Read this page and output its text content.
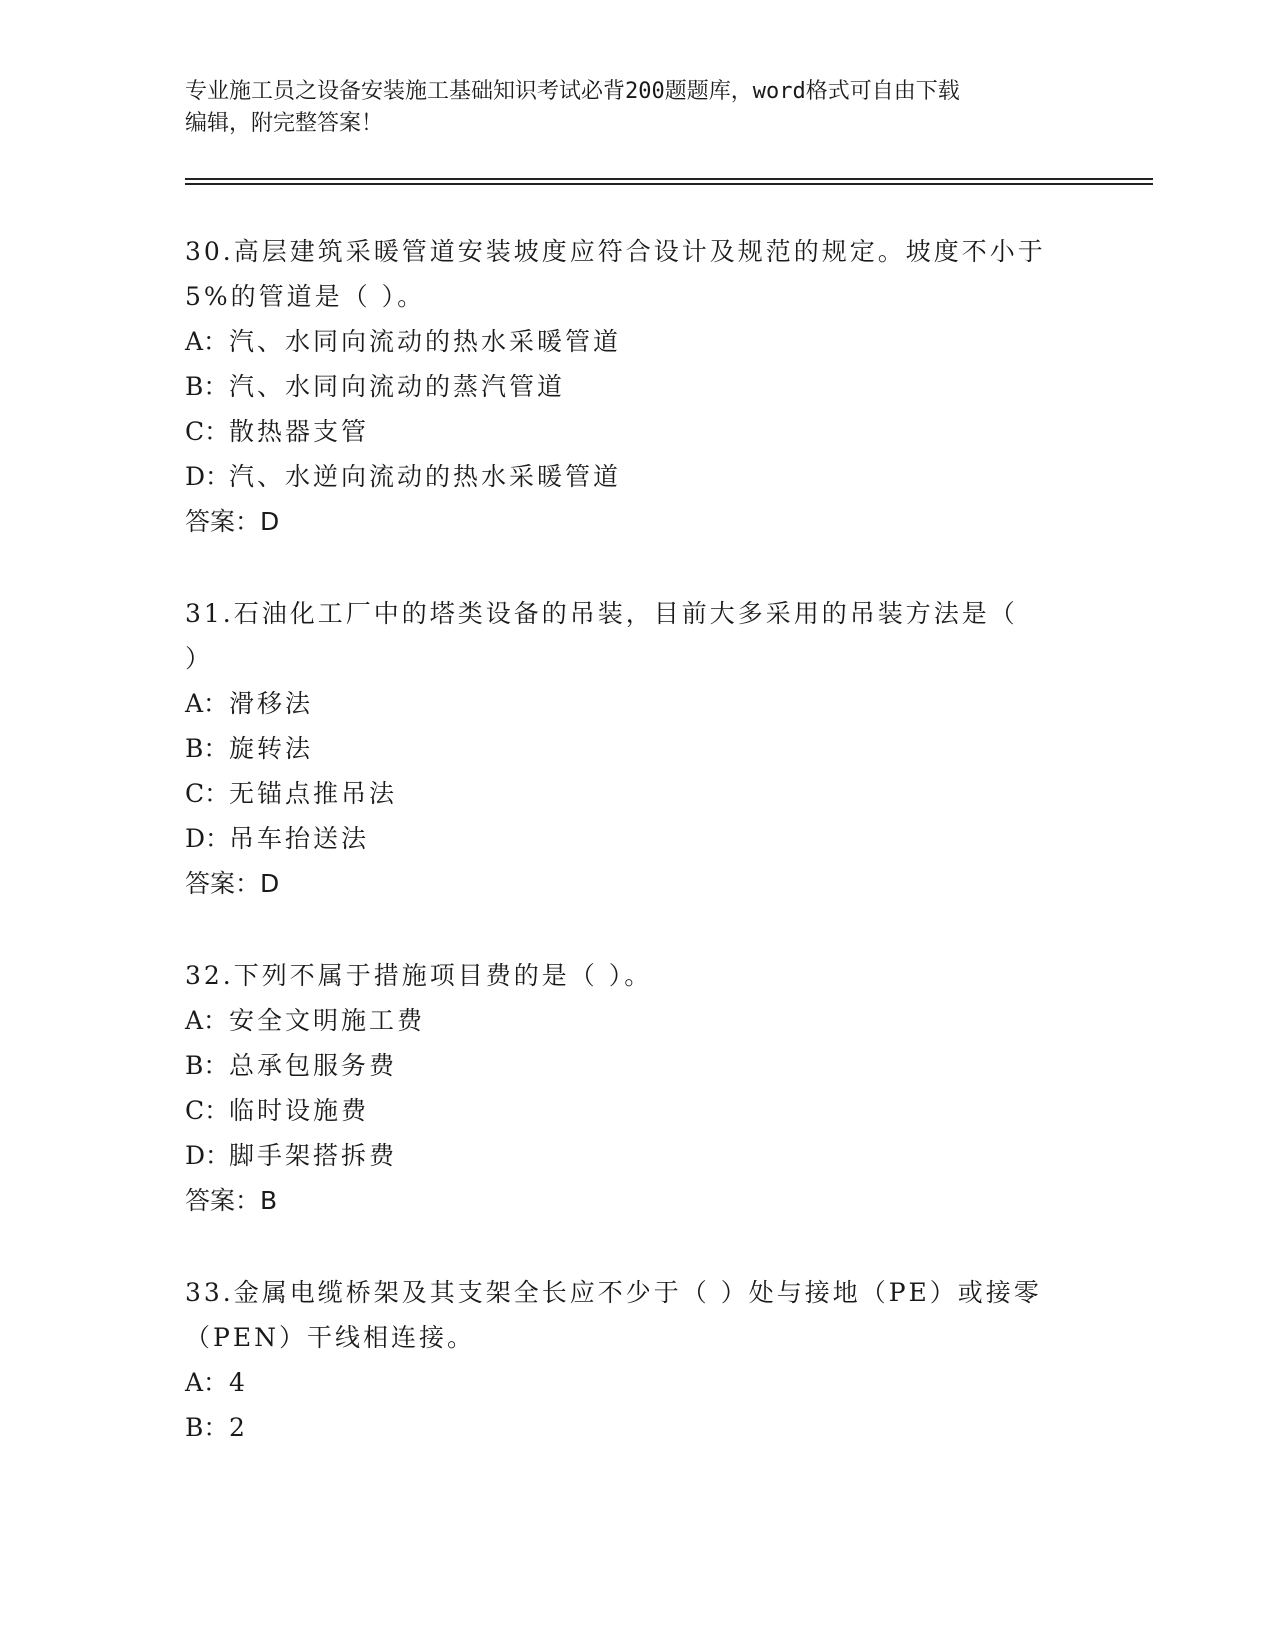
专业施工员之设备安装施工基础知识考试必背200题题库，word格式可自由下载
编辑，附完整答案！

30.高层建筑采暖管道安装坡度应符合设计及规范的规定。坡度不小于

5%的管道是（ ）。

A：汽、水同向流动的热水采暖管道

B：汽、水同向流动的蒸汽管道

C：散热器支管

D：汽、水逆向流动的热水采暖管道

答案：D

31.石油化工厂中的塔类设备的吊装，目前大多采用的吊装方法是（

）

A：滑移法

B：旋转法

C：无锚点推吊法

D：吊车抬送法

答案：D

32.下列不属于措施项目费的是（ ）。

A：安全文明施工费

B：总承包服务费

C：临时设施费

D：脚手架搭拆费

答案：B

33.金属电缆桥架及其支架全长应不少于（ ）处与接地（PE）或接零

（PEN）干线相连接。

A：4

B：2
